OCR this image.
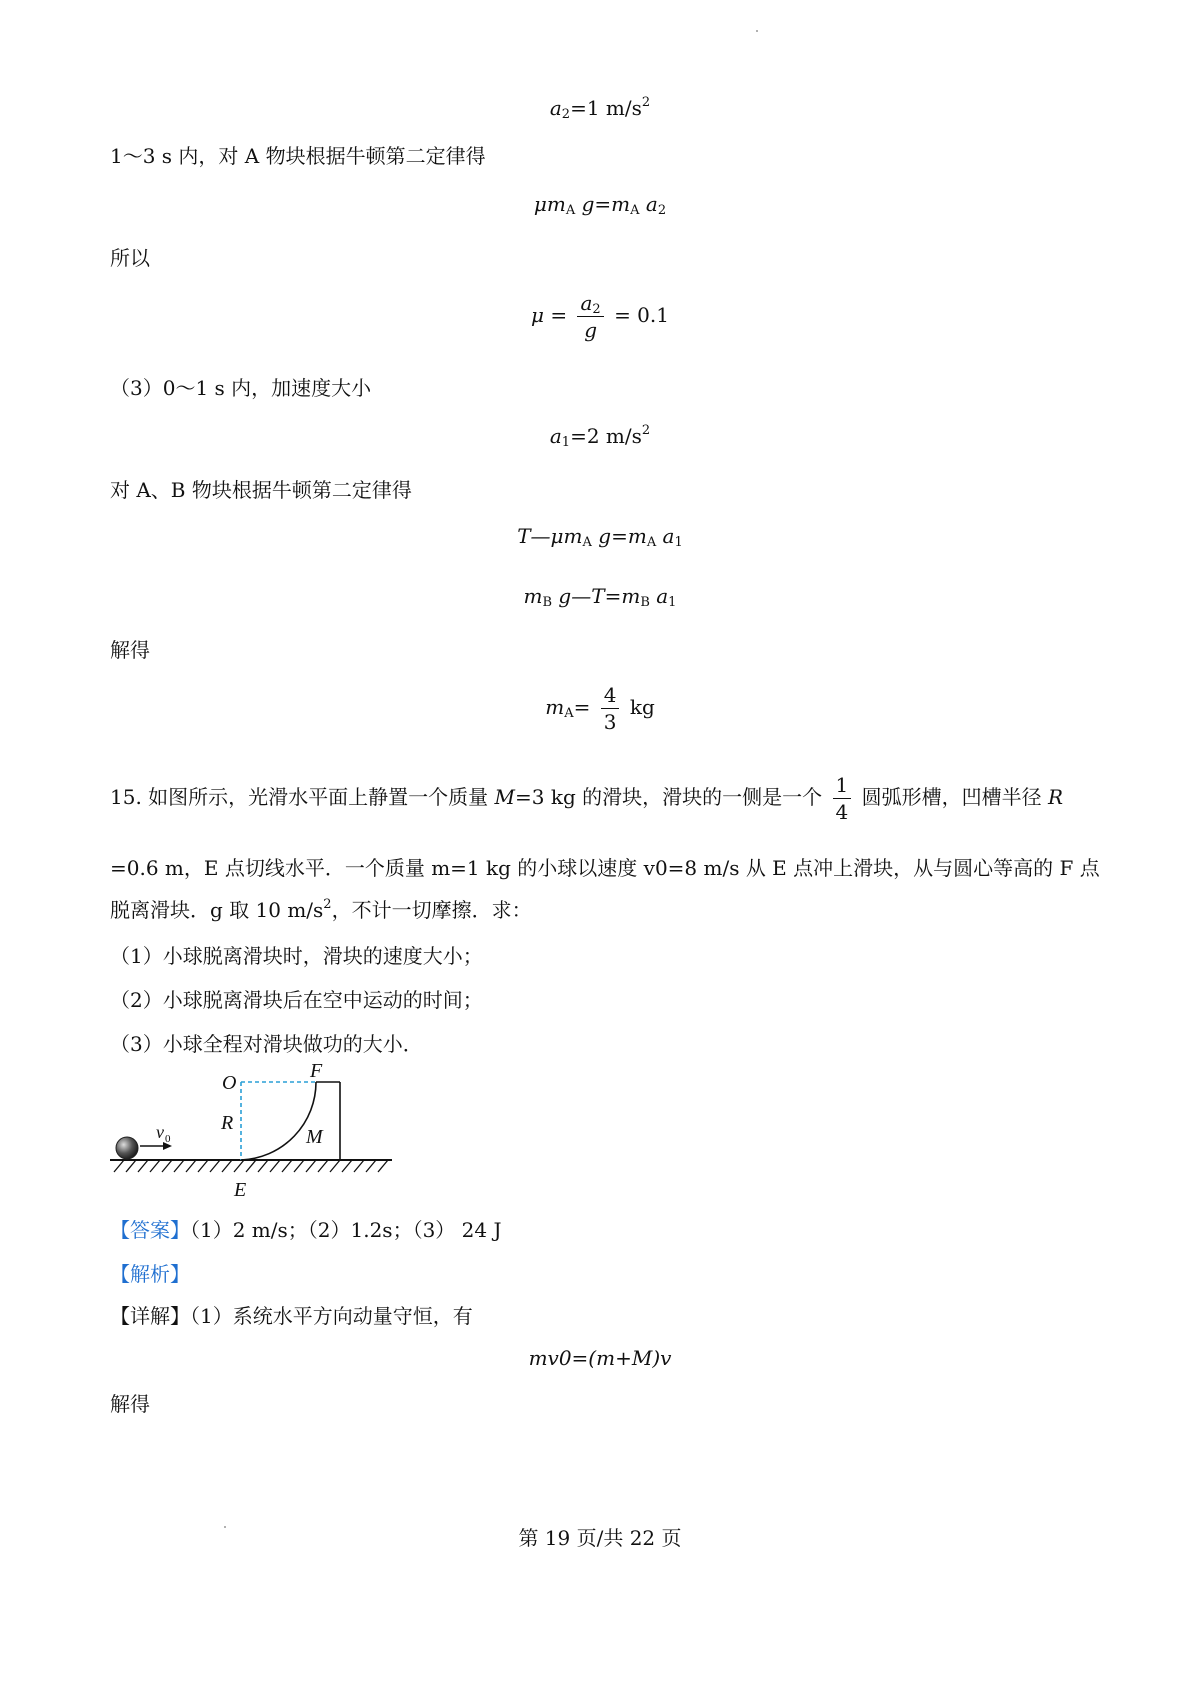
$a_2=1$ $m/s^2$
1～3 s 内，对 A 物块根据牛顿第二定律得
$\mu m_A$ $g=m_A$ $a_2$
所以
$\mu = \frac{a_2}{g} = 0.1$
（3）0～1 s 内，加速度大小
$a_1=2$ $m/s^2$
对 A、B 物块根据牛顿第二定律得
$T—\mu m_A$ $g=m_A$ $a_1$
$m_B$ $g—T=m_B$ $a_1$
解得
$m_A= \frac{4}{3}$ kg
15. 如图所示，光滑水平面上静置一个质量 M=3 kg 的滑块，滑块的一侧是一个 $\frac{1}{4}$ 圆弧形槽，凹槽半径 R
=0.6 m，E 点切线水平．一个质量 m=1 kg 的小球以速度 v0=8 m/s 从 E 点冲上滑块，从与圆心等高的 F 点
脱离滑块．g 取 10 $m/s^2$，不计一切摩擦．求：
（1）小球脱离滑块时，滑块的速度大小；
（2）小球脱离滑块后在空中运动的时间；
（3）小球全程对滑块做功的大小．
O
F
R
M
E
v 0
【答案】（1）2 m/s；（2）1.2s；（3） 24 J
【解析】
【详解】（1）系统水平方向动量守恒，有
mv0=(m+M)v
解得
第 19 页/共 22 页
